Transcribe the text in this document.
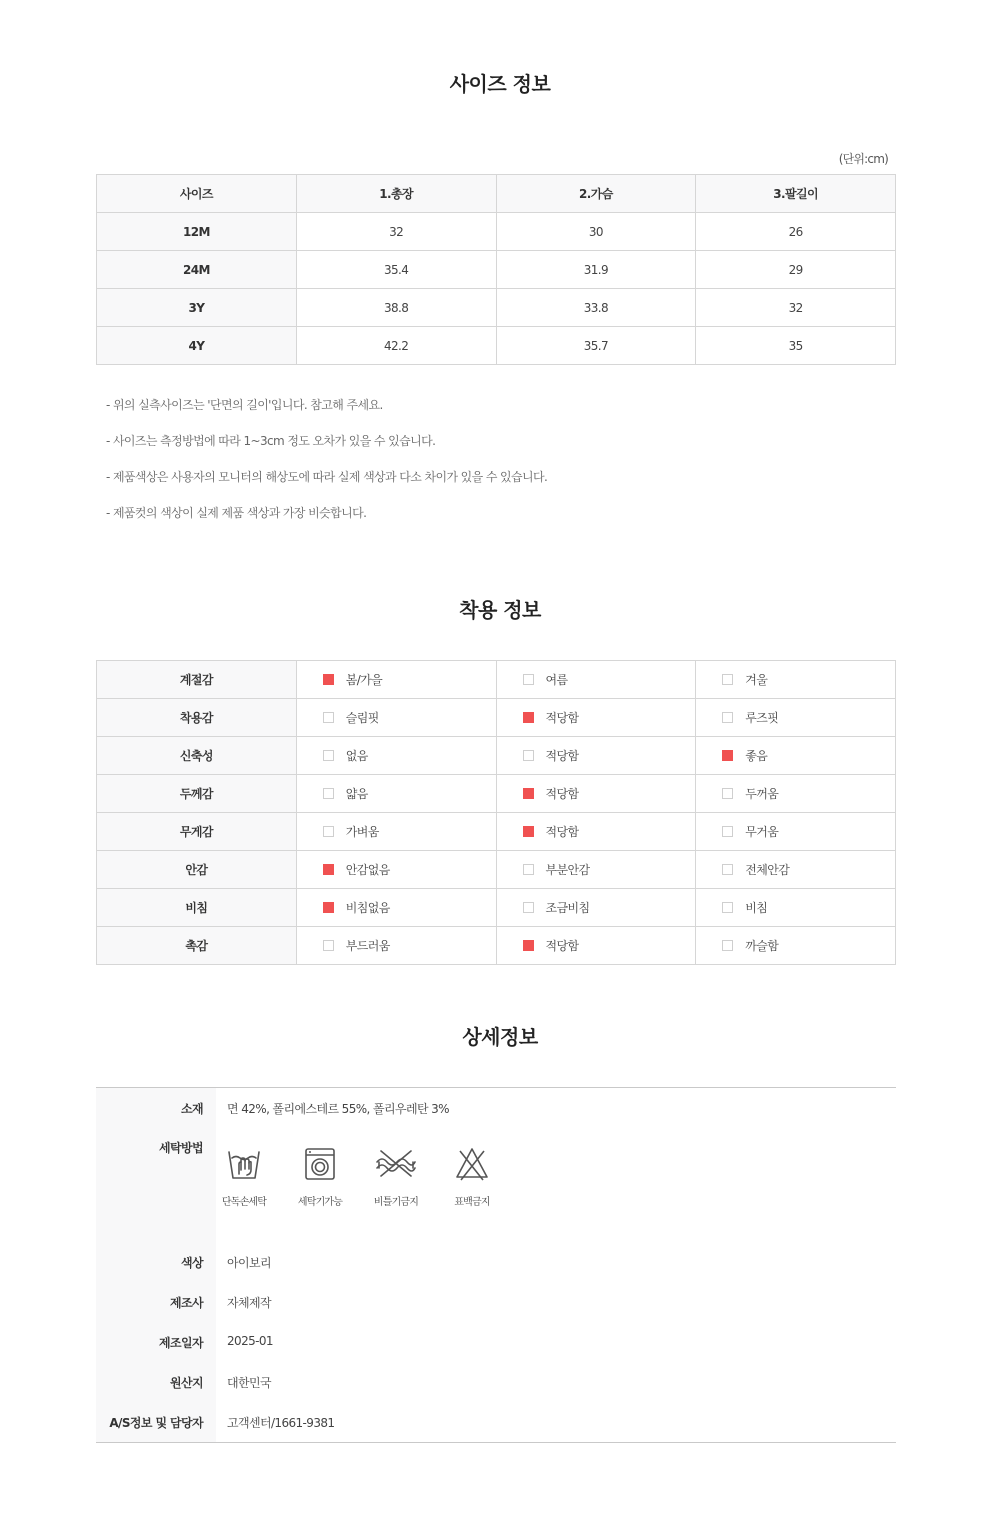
사이즈 정보
(단위:cm)
사이즈	1.총장	2.가슴	3.팔길이
12M	32	30	26
24M	35.4	31.9	29
3Y	38.8	33.8	32
4Y	42.2	35.7	35
- 위의 실측사이즈는 '단면의 길이'입니다. 참고해 주세요.
- 사이즈는 측정방법에 따라 1~3cm 정도 오차가 있을 수 있습니다.
- 제품색상은 사용자의 모니터의 해상도에 따라 실제 색상과 다소 차이가 있을 수 있습니다.
- 제품컷의 색상이 실제 제품 색상과 가장 비슷합니다.
착용 정보
계절감	봄/가을	여름	겨울

착용감	슬림핏	적당함	루즈핏

신축성	없음	적당함	좋음

두께감	얇음	적당함	두꺼움

무게감	가벼움	적당함	무거움

안감	안감없음	부분안감	전체안감

비침	비침없음	조금비침	비침

촉감	부드러움	적당함	까슬함
상세정보
소재 면 42%, 폴리에스테르 55%, 폴리우레탄 3%
세탁방법
단독손세탁	세탁기가능	비틀기금지	표백금지
색상 아이보리
제조사 자체제작
제조일자 2025-01
원산지 대한민국
A/S정보 및 담당자 고객센터/1661-9381
